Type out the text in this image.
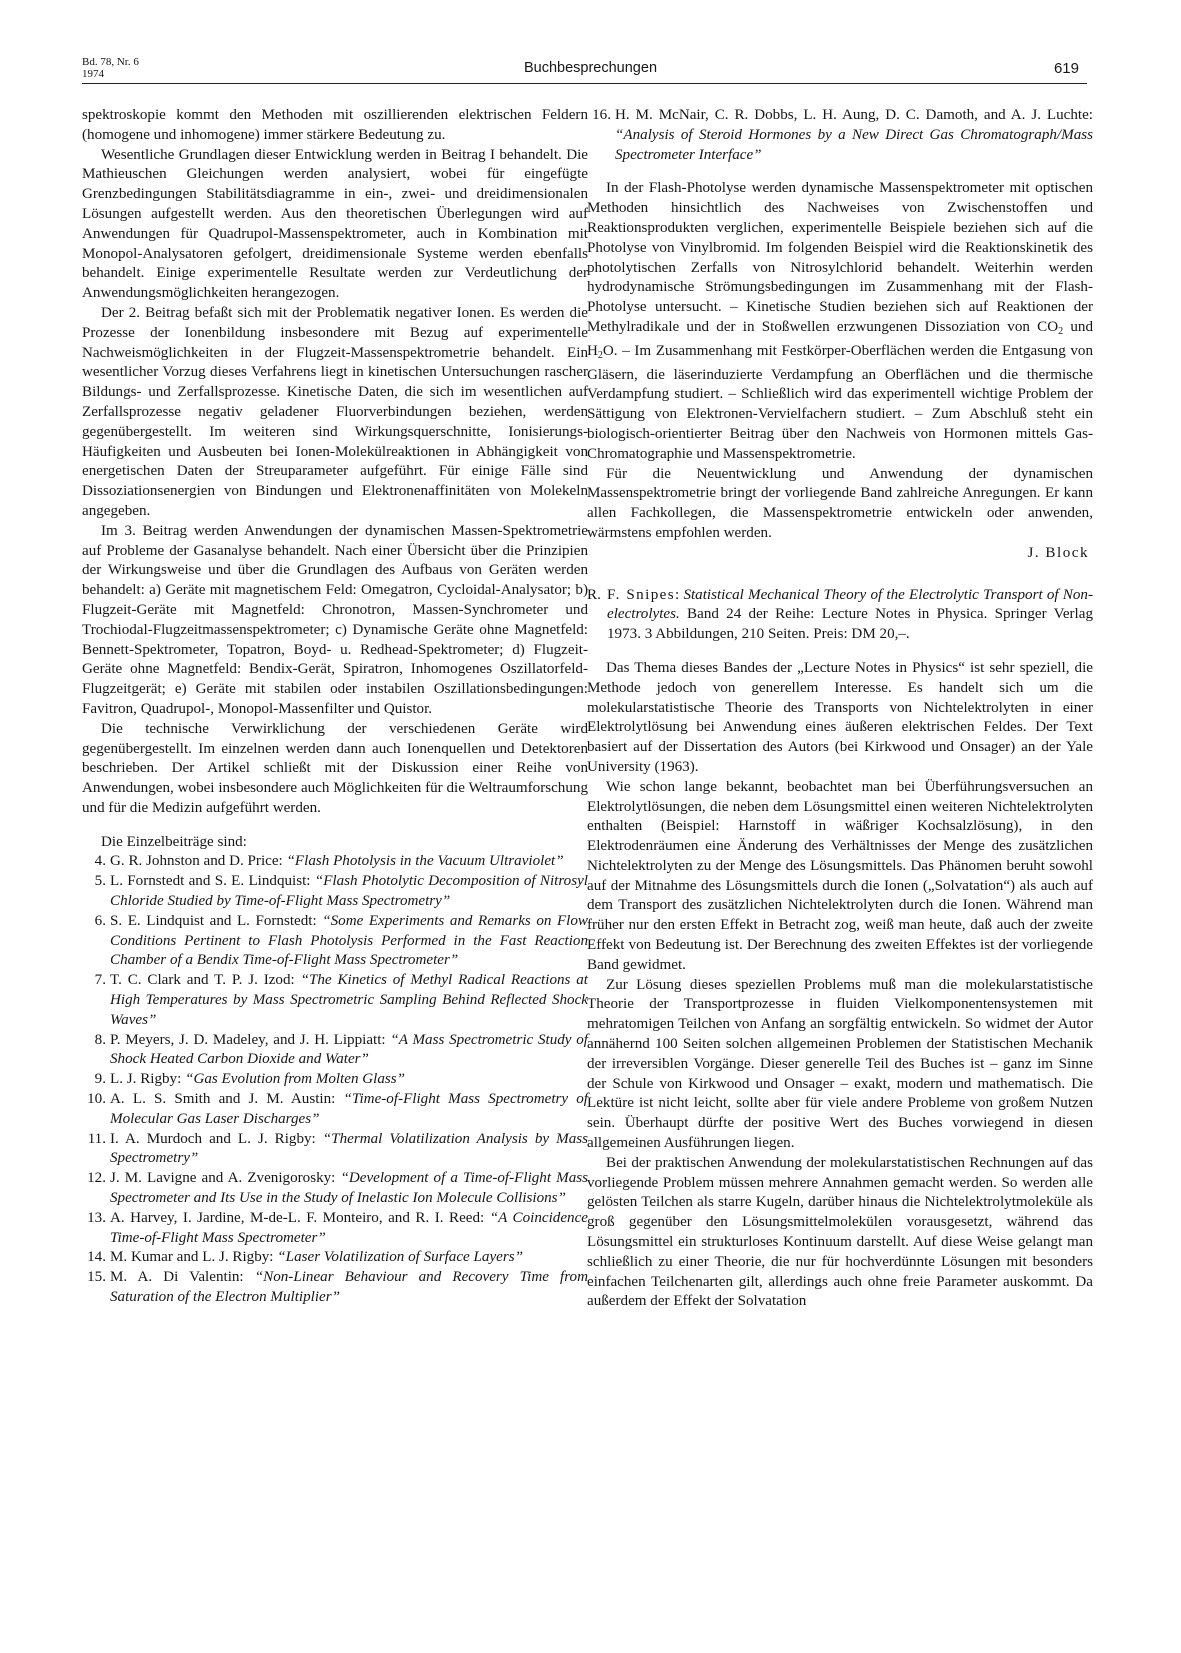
Bd. 78, Nr. 6
1974	Buchbesprechungen	619

spektroskopie kommt den Methoden mit oszillierenden elektrischen Feldern (homogene und inhomogene) immer stärkere Bedeutung zu.

Wesentliche Grundlagen dieser Entwicklung werden in Beitrag I behandelt. Die Mathieuschen Gleichungen werden analysiert, wobei für eingefügte Grenzbedingungen Stabilitätsdiagramme in ein-, zwei- und dreidimensionalen Lösungen aufgestellt werden. Aus den theoretischen Überlegungen wird auf Anwendungen für Quadrupol-Massenspektrometer, auch in Kombination mit Monopol-Analysatoren gefolgert, dreidimensionale Systeme werden ebenfalls behandelt. Einige experimentelle Resultate werden zur Verdeutlichung der Anwendungsmöglichkeiten herangezogen.

Der 2. Beitrag befaßt sich mit der Problematik negativer Ionen. Es werden die Prozesse der Ionenbildung insbesondere mit Bezug auf experimentelle Nachweismöglichkeiten in der Flugzeit-Massenspektrometrie behandelt. Ein wesentlicher Vorzug dieses Verfahrens liegt in kinetischen Untersuchungen rascher Bildungs- und Zerfallsprozesse. Kinetische Daten, die sich im wesentlichen auf Zerfallsprozesse negativ geladener Fluorverbindungen beziehen, werden gegenübergestellt. Im weiteren sind Wirkungsquerschnitte, Ionisierungs-Häufigkeiten und Ausbeuten bei Ionen-Molekülreaktionen in Abhängigkeit von energetischen Daten der Streuparameter aufgeführt. Für einige Fälle sind Dissoziationsenergien von Bindungen und Elektronenaffinitäten von Molekeln angegeben.

Im 3. Beitrag werden Anwendungen der dynamischen Massen-Spektrometrie auf Probleme der Gasanalyse behandelt. Nach einer Übersicht über die Prinzipien der Wirkungsweise und über die Grundlagen des Aufbaus von Geräten werden behandelt: a) Geräte mit magnetischem Feld: Omegatron, Cycloidal-Analysator; b) Flugzeit-Geräte mit Magnetfeld: Chronotron, Massen-Synchrometer und Trochiodal-Flugzeitmassenspektrometer; c) Dynamische Geräte ohne Magnetfeld: Bennett-Spektrometer, Topatron, Boyd- u. Redhead-Spektrometer; d) Flugzeit-Geräte ohne Magnetfeld: Bendix-Gerät, Spiratron, Inhomogenes Oszillatorfeld-Flugzeitgerät; e) Geräte mit stabilen oder instabilen Oszillationsbedingungen: Favitron, Quadrupol-, Monopol-Massenfilter und Quistor.

Die technische Verwirklichung der verschiedenen Geräte wird gegenübergestellt. Im einzelnen werden dann auch Ionenquellen und Detektoren beschrieben. Der Artikel schließt mit der Diskussion einer Reihe von Anwendungen, wobei insbesondere auch Möglichkeiten für die Weltraumforschung und für die Medizin aufgeführt werden.

Die Einzelbeiträge sind:

4. G. R. Johnston and D. Price: “Flash Photolysis in the Vacuum Ultraviolet”
5. L. Fornstedt and S. E. Lindquist: “Flash Photolytic Decomposition of Nitrosyl Chloride Studied by Time-of-Flight Mass Spectrometry”
6. S. E. Lindquist and L. Fornstedt: “Some Experiments and Remarks on Flow Conditions Pertinent to Flash Photolysis Performed in the Fast Reaction Chamber of a Bendix Time-of-Flight Mass Spectrometer”
7. T. C. Clark and T. P. J. Izod: “The Kinetics of Methyl Radical Reactions at High Temperatures by Mass Spectrometric Sampling Behind Reflected Shock Waves”
8. P. Meyers, J. D. Madeley, and J. H. Lippiatt: “A Mass Spectrometric Study of Shock Heated Carbon Dioxide and Water”
9. L. J. Rigby: “Gas Evolution from Molten Glass”
10. A. L. S. Smith and J. M. Austin: “Time-of-Flight Mass Spectrometry of Molecular Gas Laser Discharges”
11. I. A. Murdoch and L. J. Rigby: “Thermal Volatilization Analysis by Mass Spectrometry”
12. J. M. Lavigne and A. Zvenigorosky: “Development of a Time-of-Flight Mass Spectrometer and Its Use in the Study of Inelastic Ion Molecule Collisions”
13. A. Harvey, I. Jardine, M-de-L. F. Monteiro, and R. I. Reed: “A Coincidence Time-of-Flight Mass Spectrometer”
14. M. Kumar and L. J. Rigby: “Laser Volatilization of Surface Layers”
15. M. A. Di Valentin: “Non-Linear Behaviour and Recovery Time from Saturation of the Electron Multiplier”
16. H. M. McNair, C. R. Dobbs, L. H. Aung, D. C. Damoth, and A. J. Luchte: “Analysis of Steroid Hormones by a New Direct Gas Chromatograph/Mass Spectrometer Interface”

In der Flash-Photolyse werden dynamische Massenspektrometer mit optischen Methoden hinsichtlich des Nachweises von Zwischenstoffen und Reaktionsprodukten verglichen, experimentelle Beispiele beziehen sich auf die Photolyse von Vinylbromid. Im folgenden Beispiel wird die Reaktionskinetik des photolytischen Zerfalls von Nitrosylchlorid behandelt. Weiterhin werden hydrodynamische Strömungsbedingungen im Zusammenhang mit der Flash-Photolyse untersucht. – Kinetische Studien beziehen sich auf Reaktionen der Methylradikale und der in Stoßwellen erzwungenen Dissoziation von $CO_2$ und $H_2O$. – Im Zusammenhang mit Festkörper-Oberflächen werden die Entgasung von Gläsern, die läserinduzierte Verdampfung an Oberflächen und die thermische Verdampfung studiert. – Schließlich wird das experimentell wichtige Problem der Sättigung von Elektronen-Vervielfachern studiert. – Zum Abschluß steht ein biologisch-orientierter Beitrag über den Nachweis von Hormonen mittels Gas-Chromatographie und Massenspektrometrie.

Für die Neuentwicklung und Anwendung der dynamischen Massenspektrometrie bringt der vorliegende Band zahlreiche Anregungen. Er kann allen Fachkollegen, die Massenspektrometrie entwickeln oder anwenden, wärmstens empfohlen werden.

J. Block
R. F. Snipes: Statistical Mechanical Theory of the Electrolytic Transport of Non-electrolytes. Band 24 der Reihe: Lecture Notes in Physica. Springer Verlag 1973. 3 Abbildungen, 210 Seiten. Preis: DM 20,–.

Das Thema dieses Bandes der „Lecture Notes in Physics“ ist sehr speziell, die Methode jedoch von generellem Interesse. Es handelt sich um die molekularstatistische Theorie des Transports von Nichtelektrolyten in einer Elektrolytlösung bei Anwendung eines äußeren elektrischen Feldes. Der Text basiert auf der Dissertation des Autors (bei Kirkwood und Onsager) an der Yale University (1963).

Wie schon lange bekannt, beobachtet man bei Überführungsversuchen an Elektrolytlösungen, die neben dem Lösungsmittel einen weiteren Nichtelektrolyten enthalten (Beispiel: Harnstoff in wäßriger Kochsalzlösung), in den Elektrodenräumen eine Änderung des Verhältnisses der Menge des zusätzlichen Nichtelektrolyten zu der Menge des Lösungsmittels. Das Phänomen beruht sowohl auf der Mitnahme des Lösungsmittels durch die Ionen („Solvatation“) als auch auf dem Transport des zusätzlichen Nichtelektrolyten durch die Ionen. Während man früher nur den ersten Effekt in Betracht zog, weiß man heute, daß auch der zweite Effekt von Bedeutung ist. Der Berechnung des zweiten Effektes ist der vorliegende Band gewidmet.

Zur Lösung dieses speziellen Problems muß man die molekularstatistische Theorie der Transportprozesse in fluiden Vielkomponentensystemen mit mehratomigen Teilchen von Anfang an sorgfältig entwickeln. So widmet der Autor annähernd 100 Seiten solchen allgemeinen Problemen der Statistischen Mechanik der irreversiblen Vorgänge. Dieser generelle Teil des Buches ist – ganz im Sinne der Schule von Kirkwood und Onsager – exakt, modern und mathematisch. Die Lektüre ist nicht leicht, sollte aber für viele andere Probleme von großem Nutzen sein. Überhaupt dürfte der positive Wert des Buches vorwiegend in diesen allgemeinen Ausführungen liegen.

Bei der praktischen Anwendung der molekularstatistischen Rechnungen auf das vorliegende Problem müssen mehrere Annahmen gemacht werden. So werden alle gelösten Teilchen als starre Kugeln, darüber hinaus die Nichtelektrolytmoleküle als groß gegenüber den Lösungsmittelmolekülen vorausgesetzt, während das Lösungsmittel ein strukturloses Kontinuum darstellt. Auf diese Weise gelangt man schließlich zu einer Theorie, die nur für hochverdünnte Lösungen mit besonders einfachen Teilchenarten gilt, allerdings auch ohne freie Parameter auskommt. Da außerdem der Effekt der Solvatation
